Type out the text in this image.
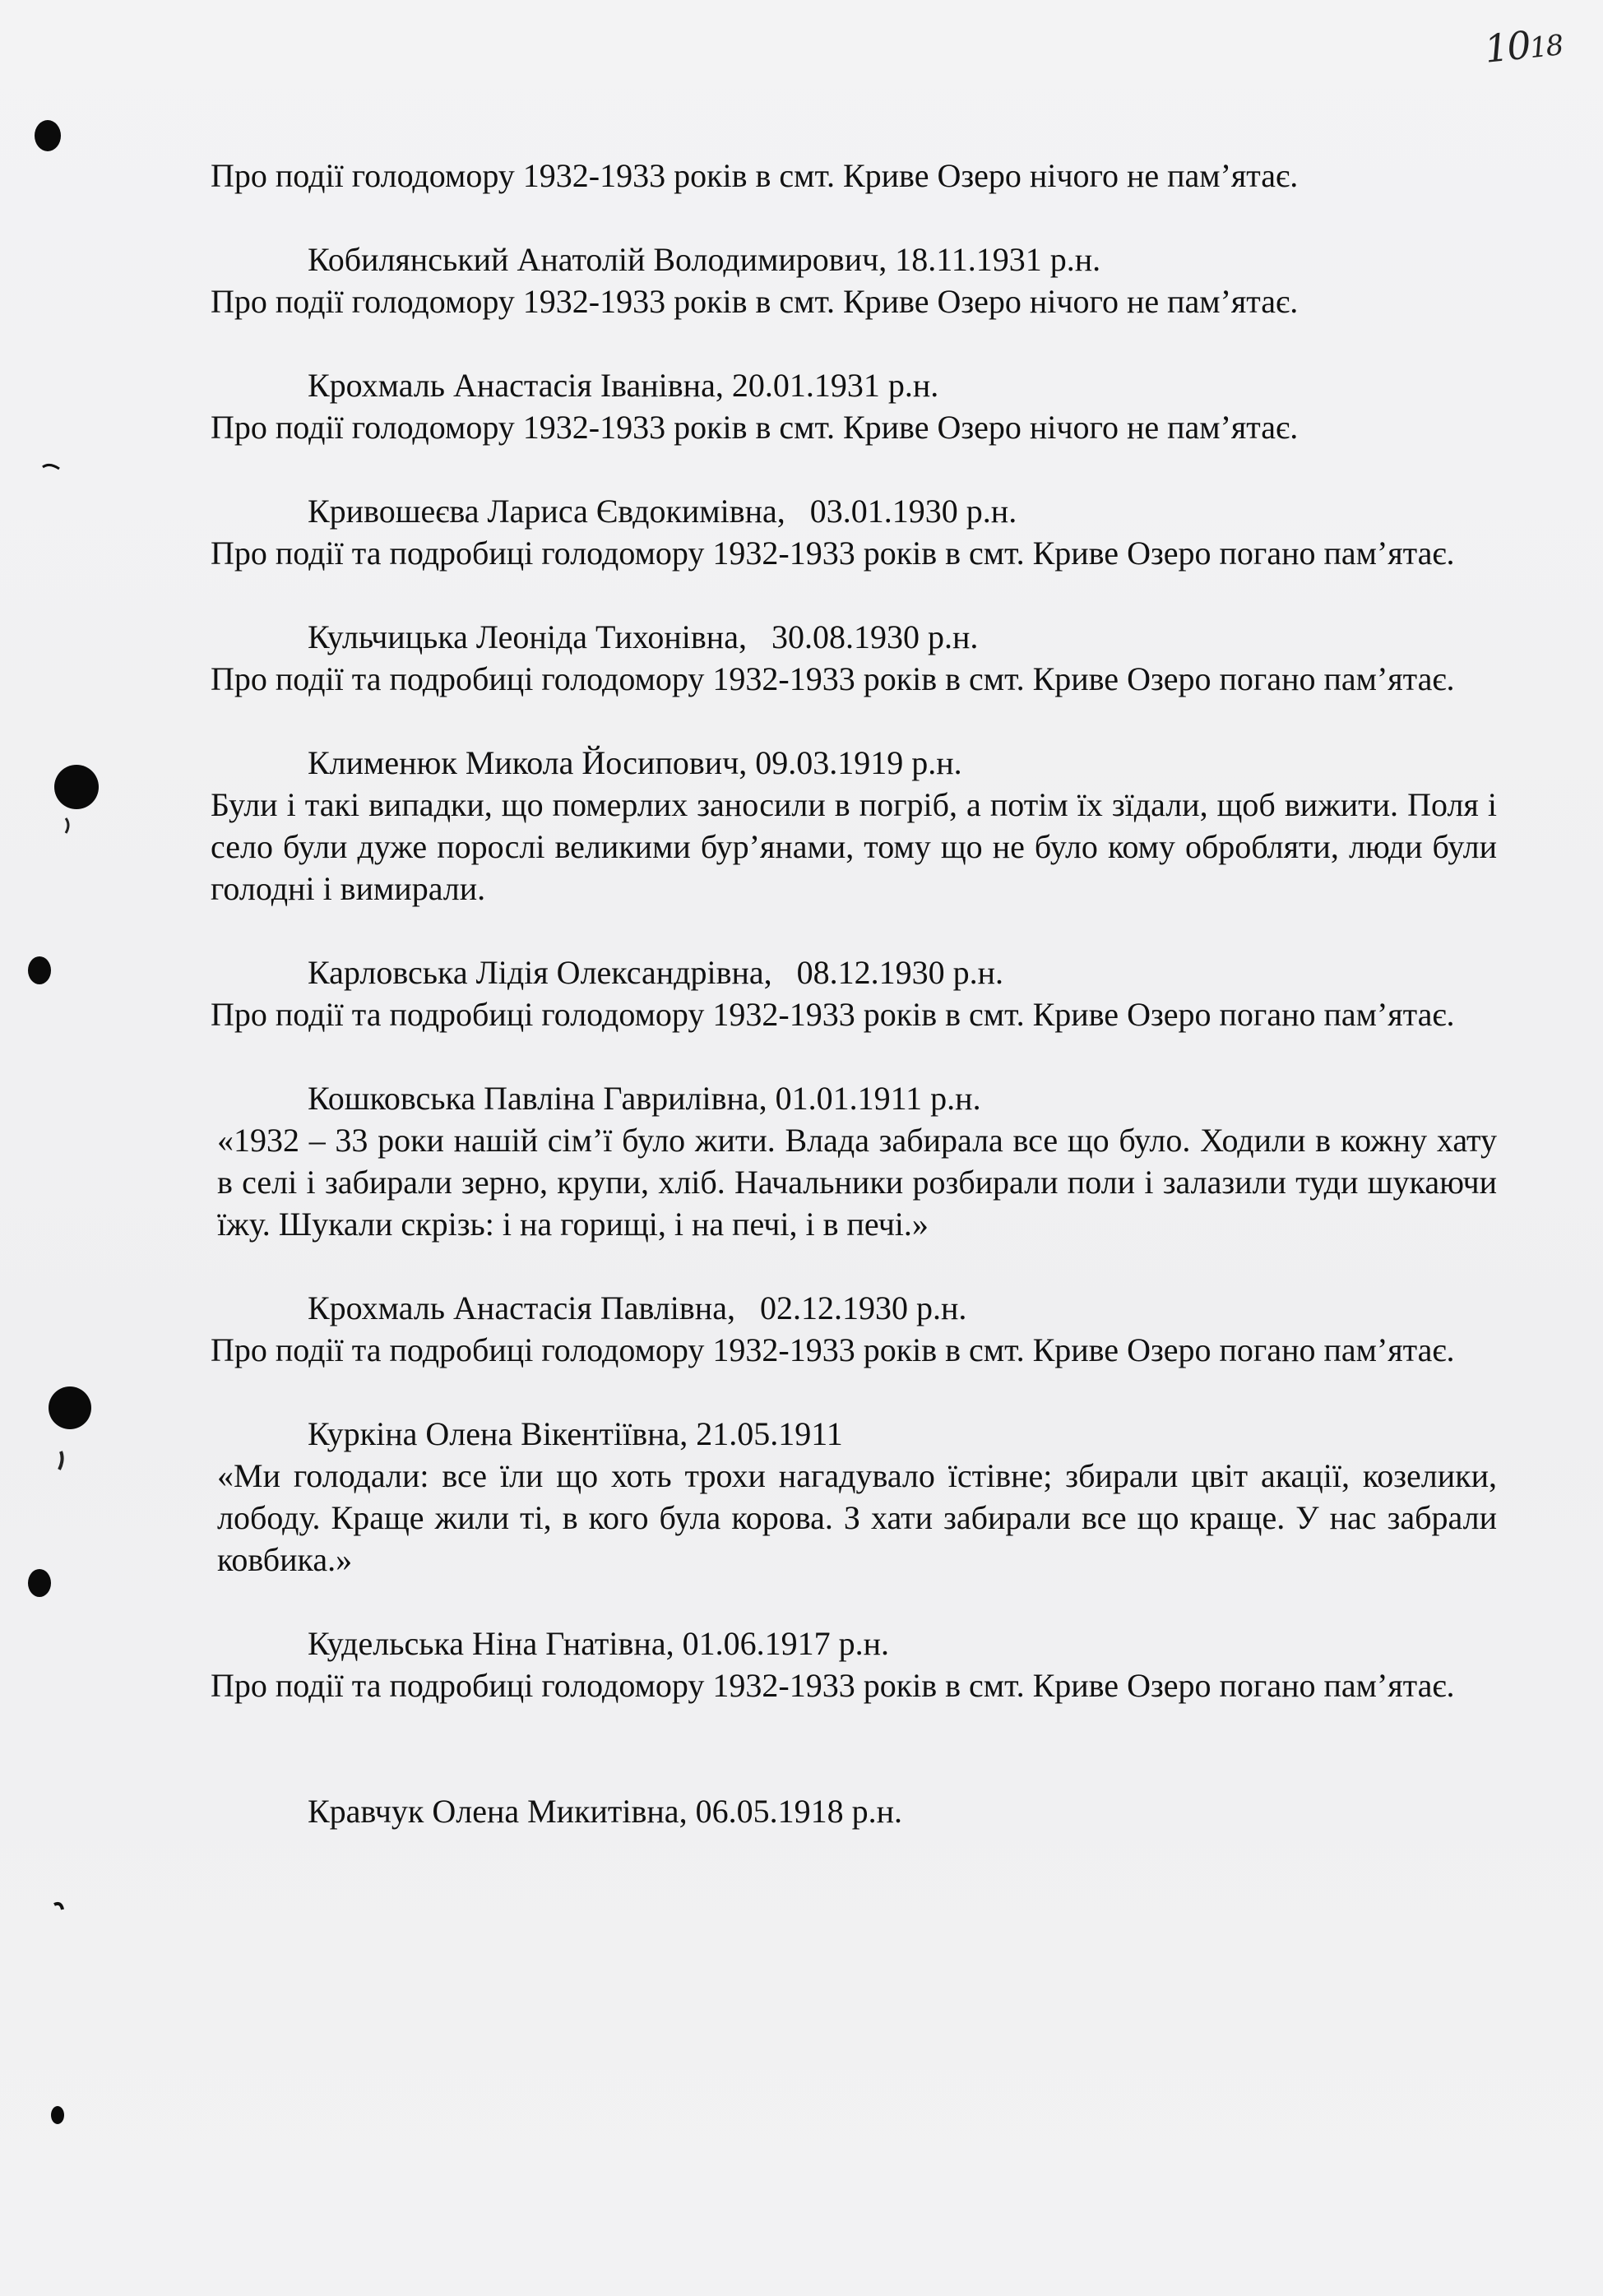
1018

Про події голодомору 1932-1933 років в смт. Криве Озеро нічого не пам’ятає.

Кобилянський Анатолій Володимирович, 18.11.1931 р.н.

Про події голодомору 1932-1933 років в смт. Криве Озеро нічого не пам’ятає.

Крохмаль Анастасія Іванівна, 20.01.1931 р.н.

Про події голодомору 1932-1933 років в смт. Криве Озеро нічого не пам’ятає.

Кривошеєва Лариса Євдокимівна,   03.01.1930 р.н.

Про події та подробиці голодомору 1932-1933 років в смт. Криве Озеро погано пам’ятає.

Кульчицька Леоніда Тихонівна,   30.08.1930 р.н.

Про події та подробиці голодомору 1932-1933 років в смт. Криве Озеро погано пам’ятає.

Клименюк Микола Йосипович, 09.03.1919 р.н.

Були і такі випадки, що померлих заносили в погріб, а потім їх зїдали, щоб вижити. Поля і село були дуже порослі великими бур’янами, тому що не було кому обробляти, люди були голодні і вимирали.

Карловська Лідія Олександрівна,   08.12.1930 р.н.

Про події та подробиці голодомору 1932-1933 років в смт. Криве Озеро погано пам’ятає.

Кошковська Павліна Гаврилівна, 01.01.1911 р.н.

«1932 – 33 роки нашій сім’ї було жити. Влада забирала все що було. Ходили в кожну хату в селі і забирали зерно, крупи, хліб. Начальники розбирали поли і залазили туди шукаючи їжу. Шукали скрізь: і на горищі, і на печі, і в печі.»

Крохмаль Анастасія Павлівна,   02.12.1930 р.н.

Про події та подробиці голодомору 1932-1933 років в смт. Криве Озеро погано пам’ятає.

Куркіна Олена Вікентіївна, 21.05.1911

«Ми голодали: все їли що хоть трохи нагадувало їстівне; збирали цвіт акації, козелики, лободу. Краще жили ті, в кого була корова. З хати забирали все що краще. У нас забрали ковбика.»

Кудельська Ніна Гнатівна, 01.06.1917 р.н.

Про події та подробиці голодомору 1932-1933 років в смт. Криве Озеро погано пам’ятає.

Кравчук Олена Микитівна, 06.05.1918 р.н.
